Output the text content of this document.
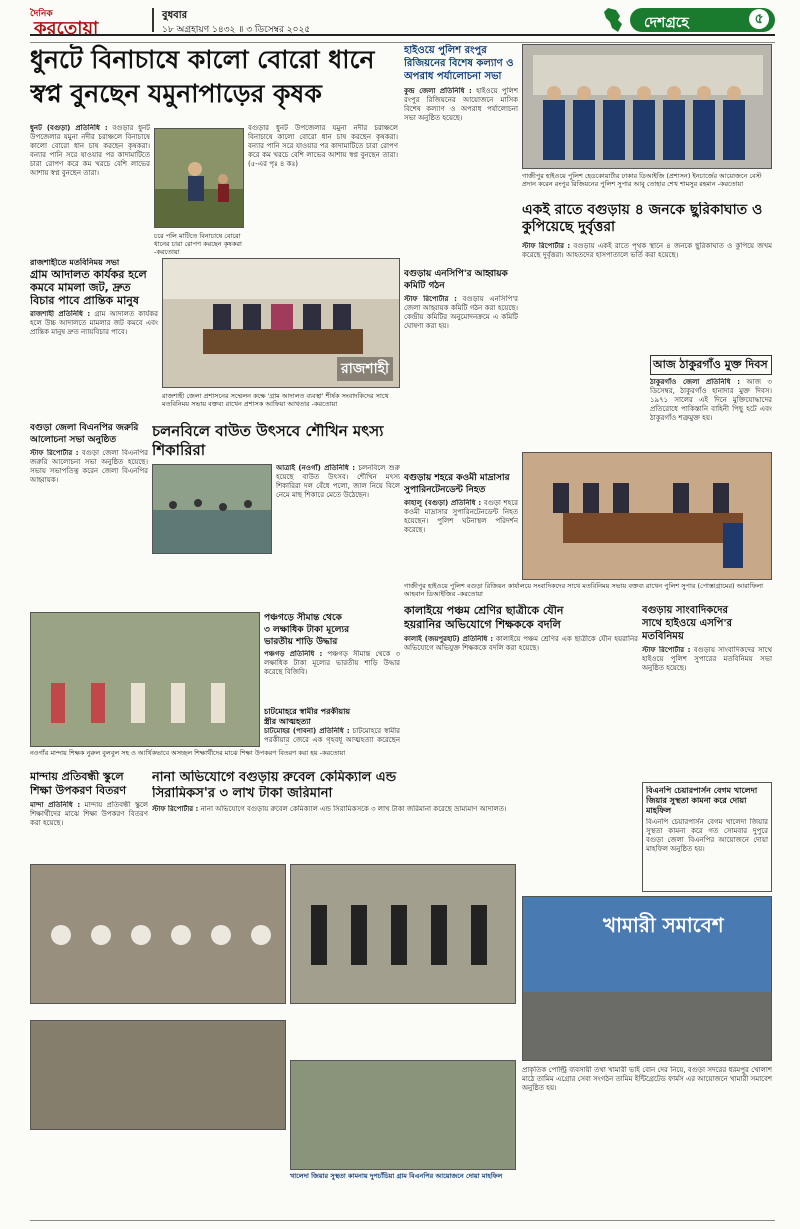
দৈনিক
করতোয়া
বুধবার
১৮ অগ্রহায়ণ ১৪৩২ ॥ ৩ ডিসেম্বর ২০২৫	দেশগ্রহে	৫
ধুনটে বিনাচাষে কালো বোরো ধানে
স্বপ্ন বুনছেন যমুনাপাড়ের কৃষক
ধুনট (বগুড়া) প্রতিনিধি : বগুড়ার ধুনট উপজেলার যমুনা নদীর চরাঞ্চলে বিনাচাষে কালো বোরো ধান চাষ করছেন কৃষকরা। বন্যার পানি সরে যাওয়ার পর কাদামাটিতে চারা রোপণ করে কম খরচে বেশি লাভের আশায় স্বপ্ন বুনছেন তারা।
চরে পলি মাটিতে বিনাচাষে বোরো ধানের চারা রোপণ করছেন কৃষকরা -করতোয়া
বগুড়ার ধুনট উপজেলার যমুনা নদীর চরাঞ্চলে বিনাচাষে কালো বোরো ধান চাষ করছেন কৃষকরা। বন্যার পানি সরে যাওয়ার পর কাদামাটিতে চারা রোপণ করে কম খরচে বেশি লাভের আশায় স্বপ্ন বুনছেন তারা। (৫-এর পৃঃ ৪ কঃ)
হাইওয়ে পুলিশ রংপুর
রিজিয়নের বিশেষ কল্যাণ ও
অপরাধ পর্যালোচনা সভা
কুন্দ্র জেলা প্রতিনিধি : হাইওয়ে পুলিশ রংপুর রিজিয়নের আয়োজনে মাসিক বিশেষ কল্যাণ ও অপরাধ পর্যালোচনা সভা অনুষ্ঠিত হয়েছে।
গাজীপুর হাইওয়ে পুলিশ হেডকোয়ার্টার ঢাকার ডিআইজি (প্রশাসন) ইনচার্জের আয়োজনে বেস্ট প্রদান করেন রংপুর রিজিয়নের পুলিশ সুপার আবু তোহার শেখ শামসুর রহমান -করতোয়া
একই রাতে বগুড়ায় ৪ জনকে ছুরিকাঘাত ও কুপিয়েছে দুর্বৃত্তরা
স্টাফ রিপোর্টার : বগুড়ায় একই রাতে পৃথক স্থানে ৪ জনকে ছুরিকাঘাত ও কুপিয়ে জখম করেছে দুর্বৃত্তরা। আহতদের হাসপাতালে ভর্তি করা হয়েছে।
আজ ঠাকুরগাঁও মুক্ত দিবস
ঠাকুরগাঁও জেলা প্রতিনিধি : আজ ৩ ডিসেম্বর, ঠাকুরগাঁও হানাদার মুক্ত দিবস। ১৯৭১ সালের এই দিনে মুক্তিযোদ্ধাদের প্রতিরোধে পাকিস্তানি বাহিনী পিছু হটে এবং ঠাকুরগাঁও শত্রুমুক্ত হয়।
রাজশাহীতে মতবিনিময় সভা
গ্রাম আদালত কার্যকর হলে
কমবে মামলা জট, দ্রুত
বিচার পাবে প্রান্তিক মানুষ
রাজশাহী প্রতিনিধি : গ্রাম আদালত কার্যকর হলে উচ্চ আদালতে মামলার জট কমবে এবং প্রান্তিক মানুষ দ্রুত ন্যায়বিচার পাবে।
রাজশাহী
রাজশাহী জেলা প্রশাসনের সম্মেলন কক্ষে 'গ্রাম আদালত ব্যবস্থা' শীর্ষক সংবাদকিদের সাথে মতবিনিময় সভায় বক্তব্য রাখেন প্রশাসক আফিয়া আখতার -করতোয়া
বগুড়া জেলা বিএনপির জরুরি
আলোচনা সভা অনুষ্ঠিত
স্টাফ রিপোর্টার : বগুড়া জেলা বিএনপির জরুরি আলোচনা সভা অনুষ্ঠিত হয়েছে। সভায় সভাপতিত্ব করেন জেলা বিএনপির আহ্বায়ক।
চলনবিলে বাউত উৎসবে শৌখিন মৎস্য শিকারিরা
আত্রাই (নওগাঁ) প্রতিনিধি : চলনবিলে শুরু হয়েছে বাউত উৎসব। শৌখিন মৎস্য শিকারিরা দল বেঁধে পলো, জাল নিয়ে বিলে নেমে মাছ শিকারে মেতে উঠেছেন।
বগুড়ায় এনসিপি'র আহ্বায়ক
কমিটি গঠন
স্টাফ রিপোর্টার : বগুড়ায় এনসিপি'র জেলা আহ্বায়ক কমিটি গঠন করা হয়েছে। কেন্দ্রীয় কমিটির অনুমোদনক্রমে এ কমিটি ঘোষণা করা হয়।
বগুড়ায় শহরে কওমী মাদ্রাসার
সুপারিনটেনডেন্ট নিহত
কাহালু (বগুড়া) প্রতিনিধি : বগুড়া শহরে কওমী মাদ্রাসার সুপারিনটেনডেন্ট নিহত হয়েছেন। পুলিশ ঘটনাস্থল পরিদর্শন করেছে।
গাজীপুর হাইওয়ে পুলিশ বগুড়া রিজিয়ন কার্যালয়ে সংবাদিকদের সাথে মতবিনিময় সভায় বক্তব্য রাখেন পুলিশ সুপার (পোস্তাগ্রামের) আরাফিলা আহবান ডিআইজির -করতোয়া
কালাইয়ে পঞ্চম শ্রেণির ছাত্রীকে যৌন
হয়রানির অভিযোগে শিক্ষককে বদলি
কালাই (জয়পুরহাট) প্রতিনিধি : কালাইয়ে পঞ্চম শ্রেণির এক ছাত্রীকে যৌন হয়রানির অভিযোগে অভিযুক্ত শিক্ষককে বদলি করা হয়েছে।
বগুড়ায় সাংবাদিকদের
সাথে হাইওয়ে এসপি'র
মতবিনিময়
স্টাফ রিপোর্টার : বগুড়ায় সাংবাদিকদের সাথে হাইওয়ে পুলিশ সুপারের মতবিনিময় সভা অনুষ্ঠিত হয়েছে।
নওগাঁর মান্দায় শিক্ষক নুরুল বুলবুল সহ ও আর্থিকভাবে অসচ্ছল শিক্ষার্থীদের মাঝে শিক্ষা উপকরণ বিতরণ করা হয় -করতোয়া
পঞ্চগড়ে সীমান্ত থেকে
৩ লক্ষাধিক টাকা মূল্যের
ভারতীয় শাড়ি উদ্ধার
পঞ্চগড় প্রতিনিধি : পঞ্চগড় সীমান্ত থেকে ৩ লক্ষাধিক টাকা মূল্যের ভারতীয় শাড়ি উদ্ধার করেছে বিজিবি।
চাটমোহরে স্বামীর পরকীয়ায়
স্ত্রীর আত্মহত্যা
চাটমোহর (পাবনা) প্রতিনিধি : চাটমোহরে স্বামীর পরকীয়ার জেরে এক গৃহবধূ আত্মহত্যা করেছেন
মান্দায় প্রতিবন্ধী স্কুলে
শিক্ষা উপকরণ বিতরণ
মান্দা প্রতিনিধি : মান্দায় প্রতিবন্ধী স্কুলে শিক্ষার্থীদের মাঝে শিক্ষা উপকরণ বিতরণ করা হয়েছে।
নানা অভিযোগে বগুড়ায় রুবেল কেমিক্যাল এন্ড
সিরামিকস'র ৩ লাখ টাকা জরিমানা
স্টাফ রিপোর্টার : নানা অভিযোগে বগুড়ায় রুবেল কেমিক্যাল এন্ড সিরামিকসকে ৩ লাখ টাকা জরিমানা করেছে ভ্রাম্যমাণ আদালত।
বিএনপি চেয়ারপার্সন বেগম খালেদা জিয়ার সুস্থতা কামনা করে দোয়া মাহফিল
বিএনপি চেয়ারপার্সন বেগম খালেদা জিয়ার সুস্থতা কামনা করে গত সোমবার দুপুরে বগুড়া জেলা বিএনপির আয়োজনে দোয়া মাহফিল অনুষ্ঠিত হয়।
খামারী সমাবেশ
খালেদা জিয়ার সুস্থতা কামনায় দুপচাঁচিয়া গ্রাম বিএনপির আয়োজনে দোয়া মাহফিল
প্রাকৃতিক পোল্ট্রি ব্যবসায়ী তথা খামারী ভাই বোন দের নিয়ে, বগুড়া সদরের ধরমপুর খোলাশ মাঠে তামিম এগ্রোর সেবা সংগঠন তামিম ইন্টিগ্রেটেড ফার্মস এর আয়োজনে খামারী সমাবেশ অনুষ্ঠিত হয়।
